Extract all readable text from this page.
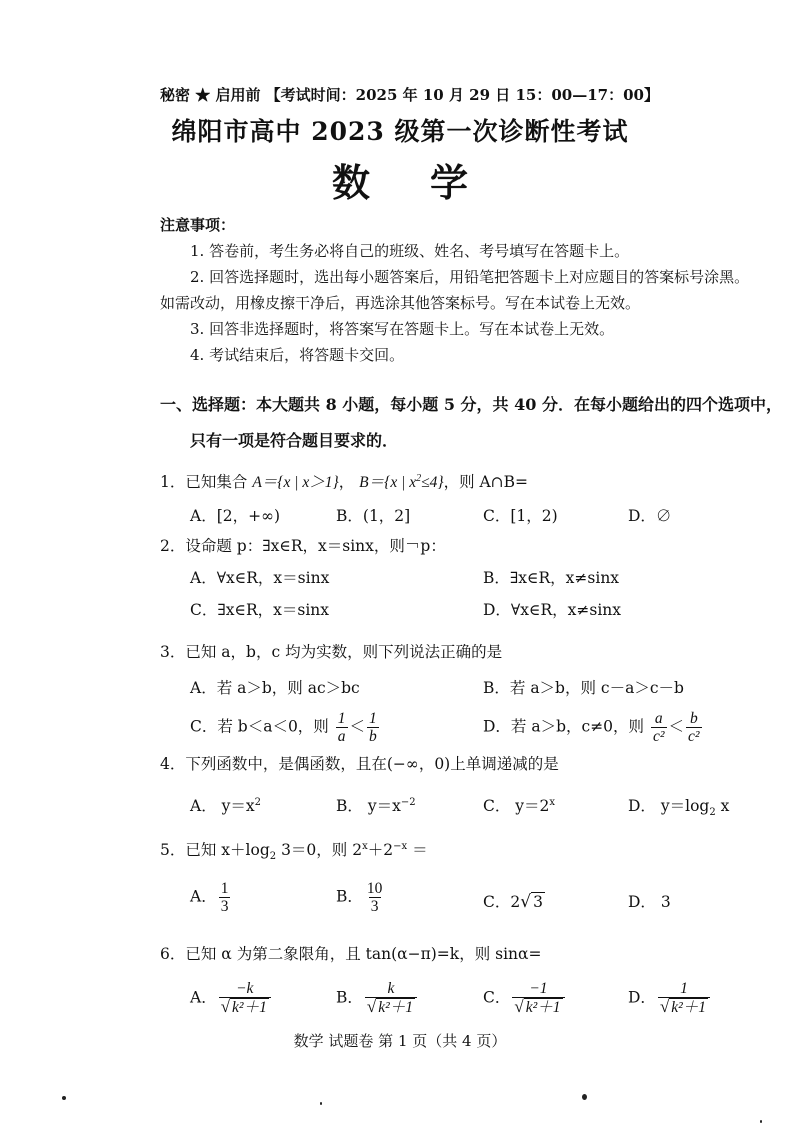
秘密 ★ 启用前 【考试时间：2025 年 10 月 29 日 15：00—17：00】
绵阳市高中 2023 级第一次诊断性考试
数学
注意事项：
1. 答卷前，考生务必将自己的班级、姓名、考号填写在答题卡上。
2. 回答选择题时，选出每小题答案后，用铅笔把答题卡上对应题目的答案标号涂黑。
如需改动，用橡皮擦干净后，再选涂其他答案标号。写在本试卷上无效。
3. 回答非选择题时，将答案写在答题卡上。写在本试卷上无效。
4. 考试结束后，将答题卡交回。
一、选择题：本大题共 8 小题，每小题 5 分，共 40 分．在每小题给出的四个选项中，
只有一项是符合题目要求的．
1．已知集合 A＝{x | x＞1}， B＝{x | $x^2\le 4$}，则 A∩B=
A．[2，+∞)	B．(1，2]	C．[1，2)	D．∅
2．设命题 p：∃x∈R，x＝sinx，则￢p：
A．∀x∈R，x＝sinx	B．∃x∈R，x≠sinx
C．∃x∈R，x＝sinx	D．∀x∈R，x≠sinx
3．已知 a，b，c 均为实数，则下列说法正确的是
A．若 a＞b，则 ac＞bc	B．若 a＞b，则 c－a＞c－b
C．若 b＜a＜0，则 $\frac{1}{a} < \frac{1}{b}$	D．若 a＞b，c≠0，则 $\frac{a}{\text{c²}} < \frac{b}{\text{c²}}$
4．下列函数中，是偶函数，且在(−∞，0)上单调递减的是
A． $y=x^2$	B． $y=x^{-2}$	C． $y=2^x$	D． $y=\log_2$ x
5．已知 $x+\log_2$ 3＝0，则 $2^x+2^{-x}$ ＝
A． $\frac{1}{3}$	B． $\frac{10}{3}$	C．2√ 3	D． 3
6．已知 α 为第二象限角，且 tan(α−π)=k，则 sinα=
A． $\frac{-k}{\text{√ k²＋1}}$	B． $\frac{k}{\text{√ k²＋1}}$	C． $\frac{-1}{\text{√ k²＋1}}$	D． $\frac{1}{\text{√ k²＋1}}$
数学 试题卷 第 1 页（共 4 页）
